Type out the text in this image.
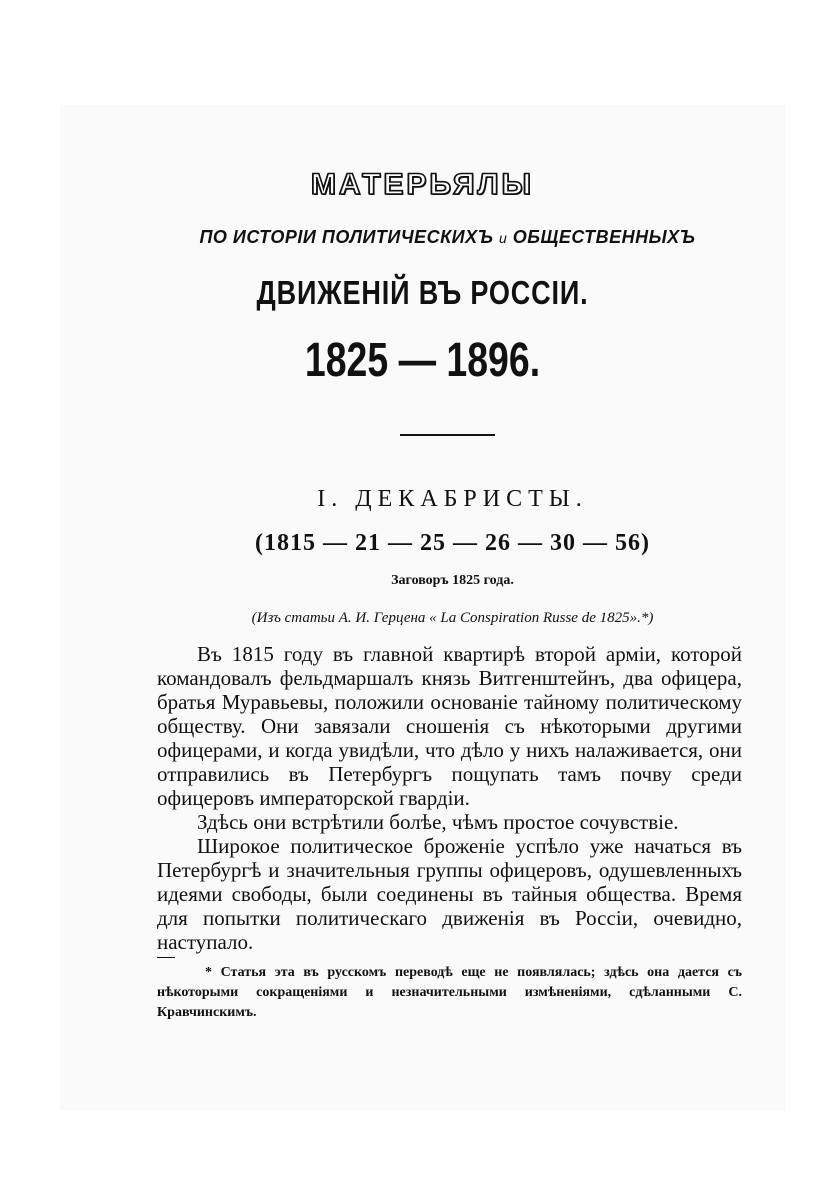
МАТЕРЬЯЛЫ
ПО ИСТОРІИ ПОЛИТИЧЕСКИХЪ и ОБЩЕСТВЕННЫХЪ
ДВИЖЕНІЙ ВЪ РОССІИ.
1825 — 1896.
I. ДЕКАБРИСТЫ.
(1815 — 21 — 25 — 26 — 30 — 56)
Заговоръ 1825 года.
(Изъ статьи А. И. Герцена « La Conspiration Russe de 1825».*)

Въ 1815 году въ главной квартирѣ второй арміи, которой командовалъ фельдмаршалъ князь Витгенштейнъ, два офицера, братья Муравьевы, положили основаніе тайному политическому обществу. Они завязали сношенія съ нѣкоторыми другими офицерами, и когда увидѣли, что дѣло у нихъ налаживается, они отправились въ Петербургъ пощупать тамъ почву среди офицеровъ императорской гвардіи.

Здѣсь они встрѣтили болѣе, чѣмъ простое сочувствіе.

Широкое политическое броженіе успѣло уже начаться въ Петербургѣ и значительныя группы офицеровъ, одушевленныхъ идеями свободы, были соединены въ тайныя общества. Время для попытки политическаго движенія въ Россіи, очевидно, наступало.

* Статья эта въ русскомъ переводѣ еще не появлялась; здѣсь она дается съ нѣкоторыми сокращеніями и незначительными измѣненіями, сдѣланными С. Кравчинскимъ.
